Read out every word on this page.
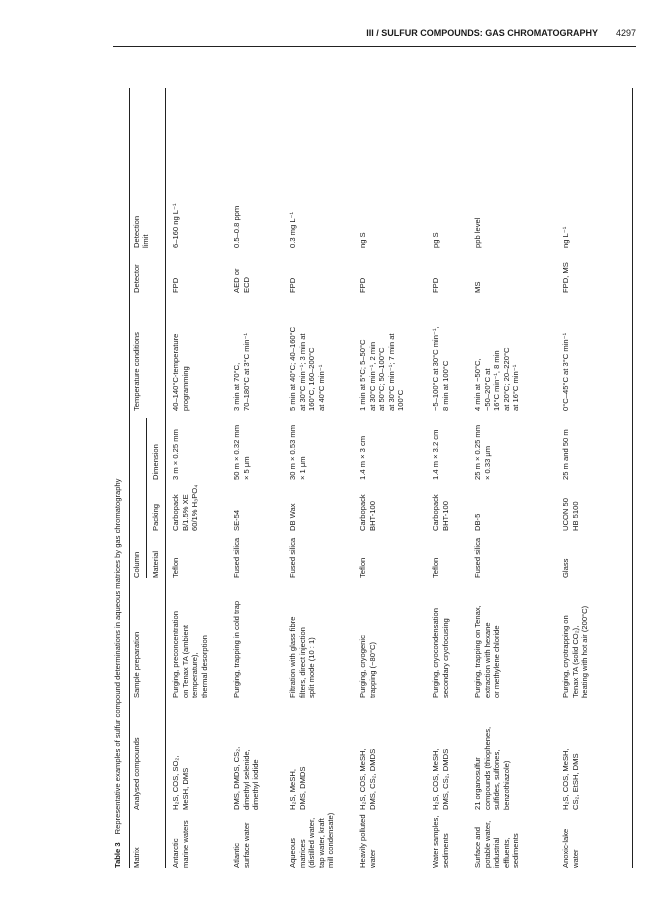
III / SULFUR COMPOUNDS: GAS CHROMATOGRAPHY 4297
Table 3Representative examples of sulfur compound determinations in aqueous matrices by gas chromatography
Matrix
Analysed compounds
Sample preparation
Column Material
Packing
Dimension
Temperature conditions
Detector
Detection limit
Antarctic marine waters
H₂S, COS, SO₂, MeSH, DMS
Purging, preconcentration on Tenax TA (ambient temperature), thermal desorption
Teflon
Carbopack B/1.5% XE 60/1% H₃PO₄
3 m × 0.25 mm
40–140°C-temperature programming
FPD
6–160 ng L⁻¹
Atlantic surface water
DMS, DMDS, CS₂, dimethyl selenide, dimethyl iodide
Purging, trapping in cold trap
Fused silica
SE-54
50 m × 0.32 mm × 5 μm
3 min at 70°C, 70–180°C at 3°C min⁻¹
AED or ECD
0.5–0.8 ppm
Aqueous matrices (distilled water, tap water, kraft mill condensate)
H₂S, MeSH, DMS, DMDS
Filtration with glass fibre filters, direct injection split mode (10 : 1)
Fused silica
DB Wax
30 m × 0.53 mm × 1 μm
5 min at 40°C; 40–160°C at 30°C min⁻¹; 3 min at 160°C, 160–200°C at 40°C min⁻¹
FPD
0.3 mg L⁻¹
Heavily polluted water
H₂S, COS, MeSH, DMS, CS₂, DMDS
Purging, cryogenic trapping (−80°C)
Teflon
Carbopack BHT-100
1.4 m × 3 cm
1 min at 5°C; 5–50°C at 30°C min⁻¹, 2 min at 50°C; 50–100°C at 30°C min⁻¹; 7 min at 100°C
FPD
ng S
Water samples, sediments
H₂S, COS, MeSH, DMS, CS₂, DMDS
Purging, cryocondensation secondary cryofocusing
Teflon
Carbopack BHT-100
1.4 m × 3.2 cm
−5–100°C at 30°C min⁻¹, 8 min at 100°C
FPD
pg S
Surface and potable water, industrial effluents, sediments
21 organosulfur compounds (thiophenes, sulfides, sulfones, benzothiazole)
Purging, trapping on Tenax, extraction with hexane or methylene chloride
Fused silica
DB-5
25 m × 0.25 mm × 0.33 μm
4 min at −50°C, −50–20°C at 16°C min⁻¹, 8 min at 20°C; 20–220°C at 16°C min⁻¹
MS
ppb level
Anoxic-lake water
H₂S, COS, MeSH, CS₂, EtSH, DMS
Purging, cryotrapping on Tenax TA (solid CO₂), heating with hot air (200°C)
Glass
UCON 50 HB 5100
25 m and 50 m
0°C–45°C at 3°C min⁻¹
FPD, MS
ng L⁻¹
